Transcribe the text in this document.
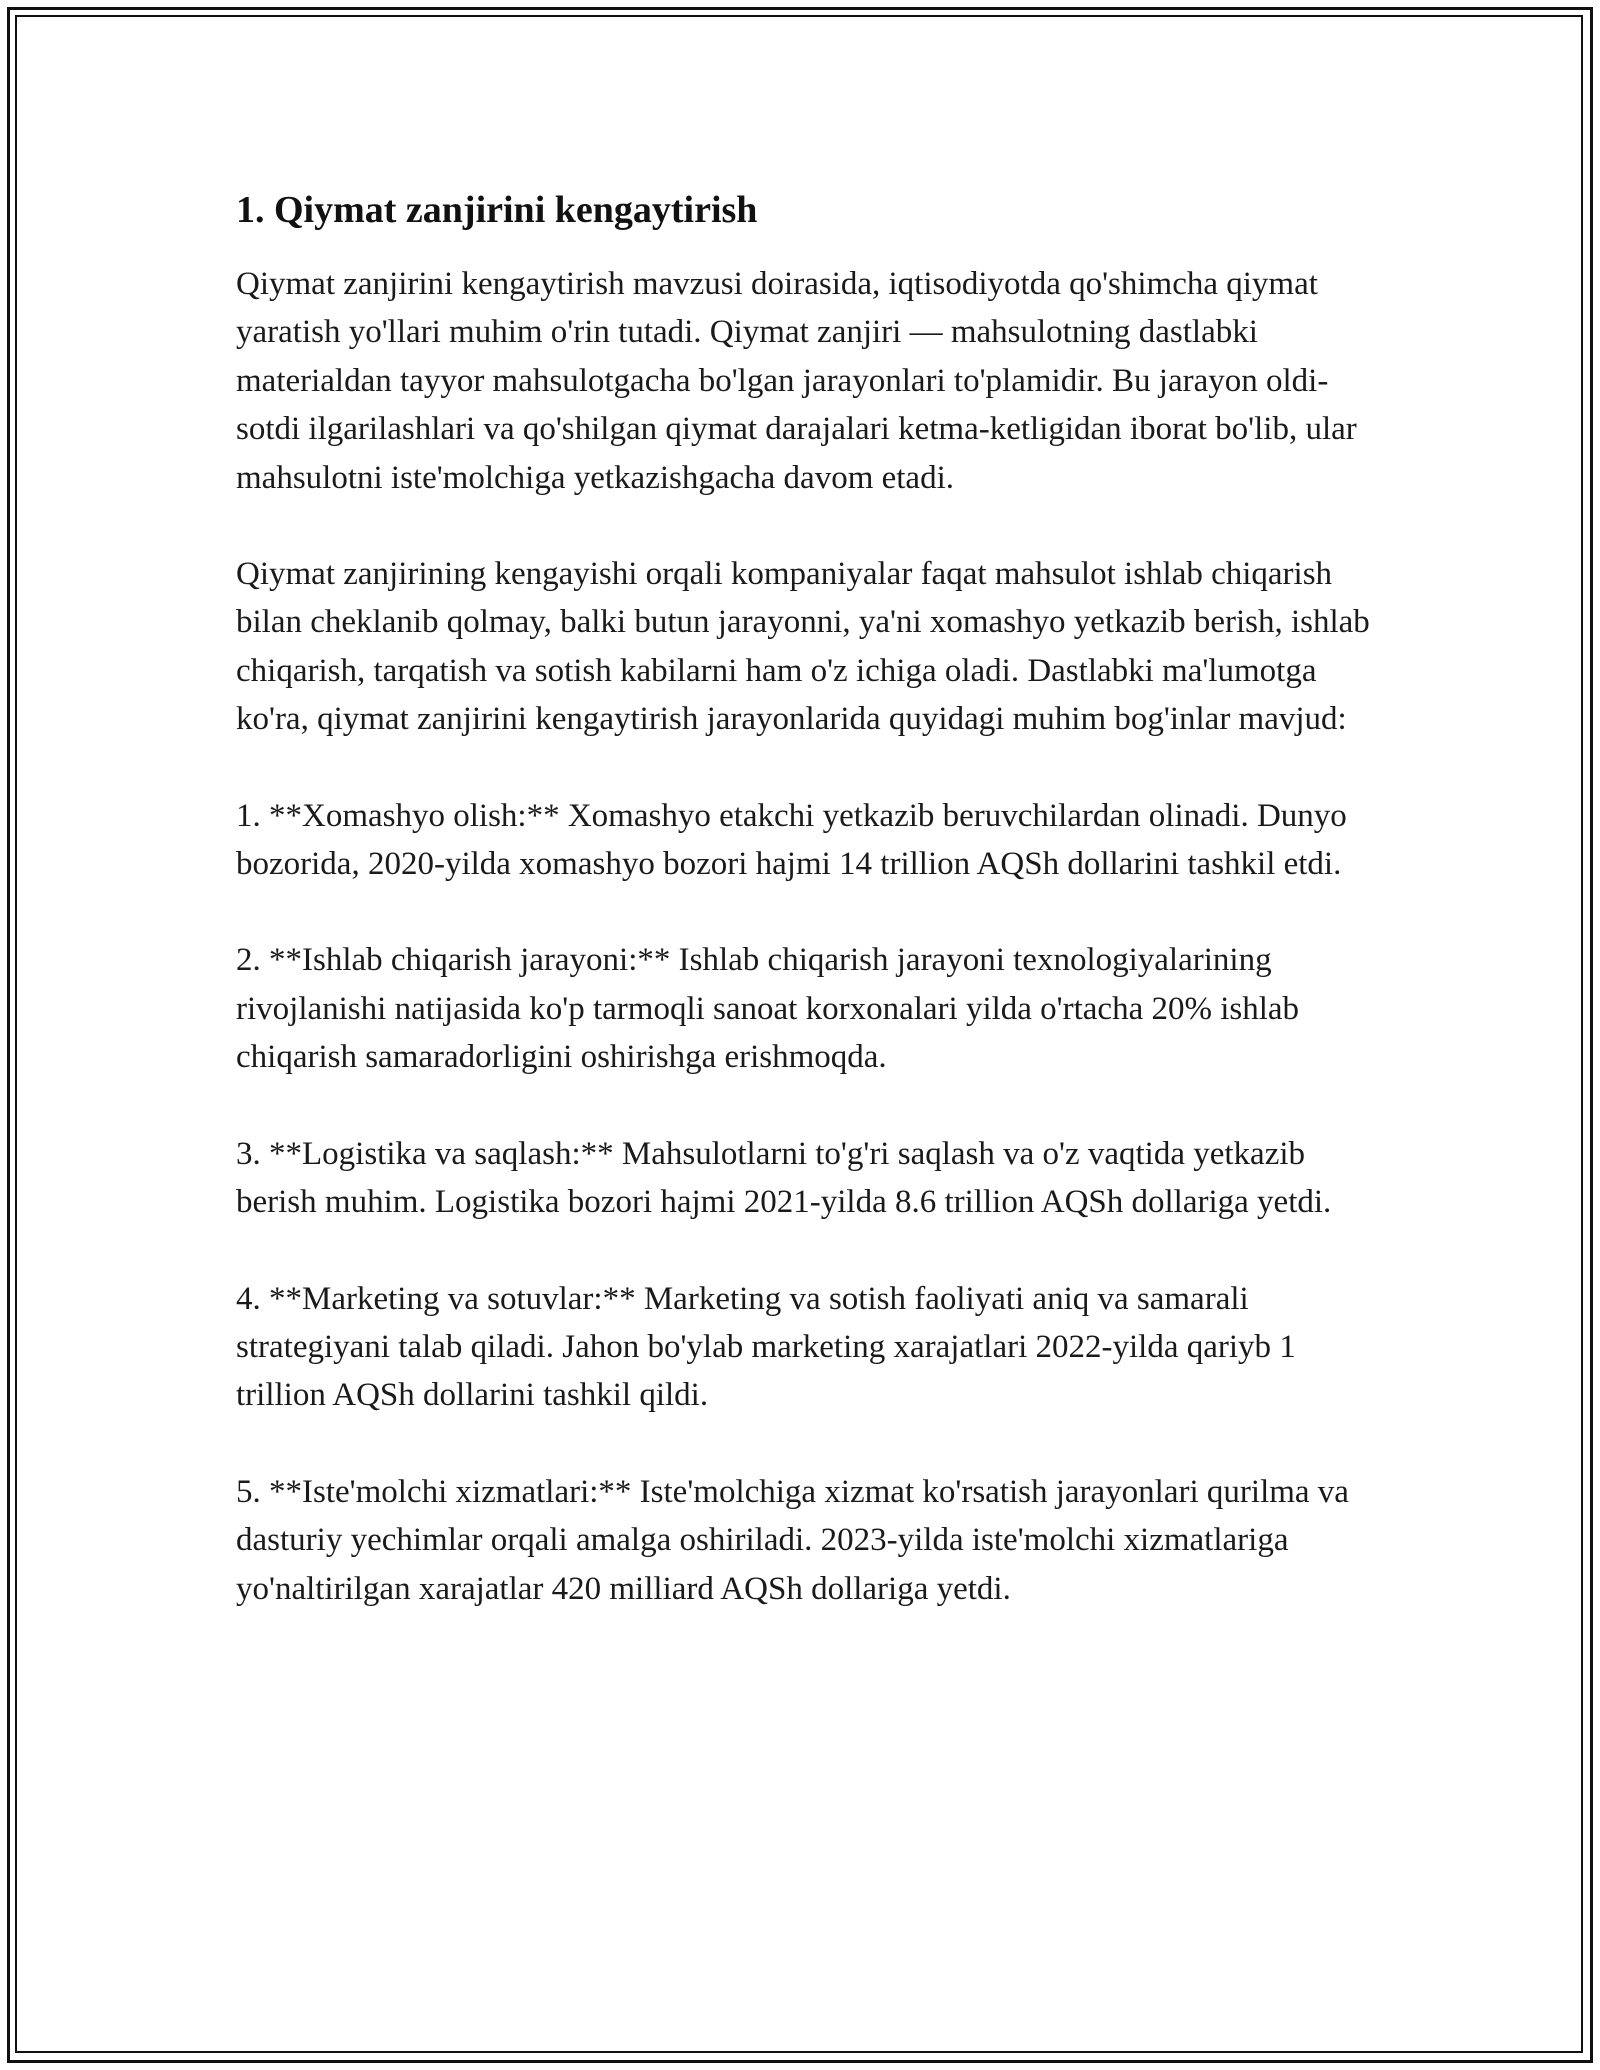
1. Qiymat zanjirini kengaytirish

Qiymat zanjirini kengaytirish mavzusi doirasida, iqtisodiyotda qo'shimcha qiymat yaratish yo'llari muhim o'rin tutadi. Qiymat zanjiri — mahsulotning dastlabki materialdan tayyor mahsulotgacha bo'lgan jarayonlari to'plamidir. Bu jarayon oldi-sotdi ilgarilashlari va qo'shilgan qiymat darajalari ketma-ketligidan iborat bo'lib, ular mahsulotni iste'molchiga yetkazishgacha davom etadi.

Qiymat zanjirining kengayishi orqali kompaniyalar faqat mahsulot ishlab chiqarish bilan cheklanib qolmay, balki butun jarayonni, ya'ni xomashyo yetkazib berish, ishlab chiqarish, tarqatish va sotish kabilarni ham o'z ichiga oladi. Dastlabki ma'lumotga ko'ra, qiymat zanjirini kengaytirish jarayonlarida quyidagi muhim bog'inlar mavjud:

1. **Xomashyo olish:** Xomashyo etakchi yetkazib beruvchilardan olinadi. Dunyo bozorida, 2020-yilda xomashyo bozori hajmi 14 trillion AQSh dollarini tashkil etdi.

2. **Ishlab chiqarish jarayoni:** Ishlab chiqarish jarayoni texnologiyalarining rivojlanishi natijasida ko'p tarmoqli sanoat korxonalari yilda o'rtacha 20% ishlab chiqarish samaradorligini oshirishga erishmoqda.

3. **Logistika va saqlash:** Mahsulotlarni to'g'ri saqlash va o'z vaqtida yetkazib berish muhim. Logistika bozori hajmi 2021-yilda 8.6 trillion AQSh dollariga yetdi.

4. **Marketing va sotuvlar:** Marketing va sotish faoliyati aniq va samarali strategiyani talab qiladi. Jahon bo'ylab marketing xarajatlari 2022-yilda qariyb 1 trillion AQSh dollarini tashkil qildi.

5. **Iste'molchi xizmatlari:** Iste'molchiga xizmat ko'rsatish jarayonlari qurilma va dasturiy yechimlar orqali amalga oshiriladi. 2023-yilda iste'molchi xizmatlariga yo'naltirilgan xarajatlar 420 milliard AQSh dollariga yetdi.
